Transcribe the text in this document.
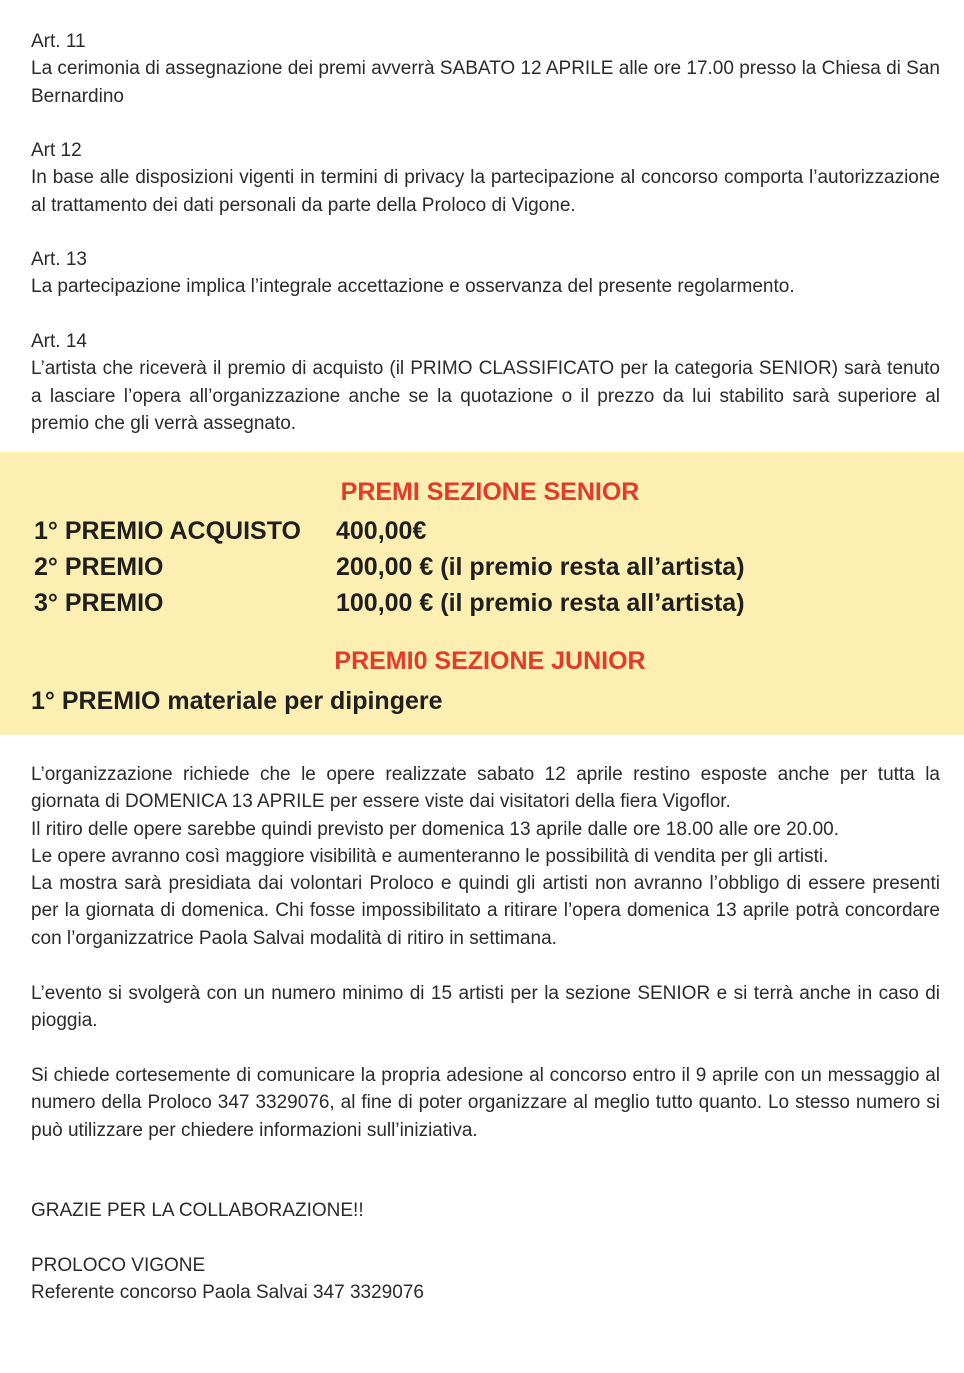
Art. 11

La cerimonia di assegnazione dei premi avverrà SABATO 12 APRILE alle ore 17.00 presso la Chiesa di San Bernardino

Art 12

In base alle disposizioni vigenti in termini di privacy la partecipazione al concorso comporta l’autorizzazione al trattamento dei dati personali da parte della Proloco di Vigone.

Art. 13

La partecipazione implica l’integrale accettazione e osservanza del presente regolarmento.

Art. 14

L’artista che riceverà il premio di acquisto (il PRIMO CLASSIFICATO per la categoria SENIOR) sarà tenuto a lasciare l’opera all’organizzazione anche se la quotazione o il prezzo da lui stabilito sarà superiore al premio che gli verrà assegnato.

PREMI SEZIONE SENIOR

1° PREMIO ACQUISTO 400,00€
2° PREMIO	200,00 € (il premio resta all’artista)
3° PREMIO	100,00 € (il premio resta all’artista)

PREMI0 SEZIONE JUNIOR

1° PREMIO materiale per dipingere

L’organizzazione richiede che le opere realizzate sabato 12 aprile restino esposte anche per tutta la giornata di DOMENICA 13 APRILE per essere viste dai visitatori della fiera Vigoflor.

Il ritiro delle opere sarebbe quindi previsto per domenica 13 aprile dalle ore 18.00 alle ore 20.00.

Le opere avranno così maggiore visibilità e aumenteranno le possibilità di vendita per gli artisti.

La mostra sarà presidiata dai volontari Proloco e quindi gli artisti non avranno l’obbligo di essere presenti per la giornata di domenica. Chi fosse impossibilitato a ritirare l’opera domenica 13 aprile potrà concordare con l’organizzatrice Paola Salvai modalità di ritiro in settimana.

L’evento si svolgerà con un numero minimo di 15 artisti per la sezione SENIOR e si terrà anche in caso di pioggia.

Si chiede cortesemente di comunicare la propria adesione al concorso entro il 9 aprile con un messaggio al numero della Proloco 347 3329076, al fine di poter organizzare al meglio tutto quanto. Lo stesso numero si può utilizzare per chiedere informazioni sull’iniziativa.

GRAZIE PER LA COLLABORAZIONE!!

PROLOCO VIGONE

Referente concorso Paola Salvai 347 3329076
